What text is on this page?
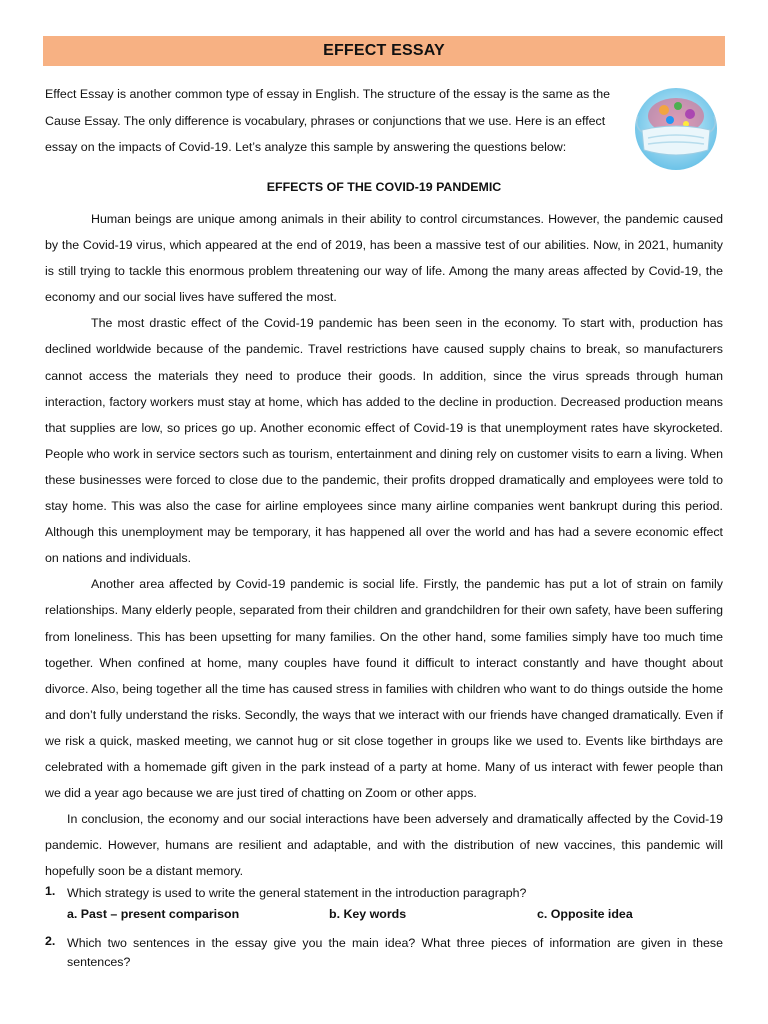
EFFECT ESSAY

Effect Essay is another common type of essay in English. The structure of the essay is the same as the Cause Essay. The only difference is vocabulary, phrases or conjunctions that we use. Here is an effect essay on the impacts of Covid-19. Let’s analyze this sample by answering the questions below:

EFFECTS OF THE COVID-19 PANDEMIC

Human beings are unique among animals in their ability to control circumstances. However, the pandemic caused by the Covid-19 virus, which appeared at the end of 2019, has been a massive test of our abilities. Now, in 2021, humanity is still trying to tackle this enormous problem threatening our way of life. Among the many areas affected by Covid-19, the economy and our social lives have suffered the most.

The most drastic effect of the Covid-19 pandemic has been seen in the economy. To start with, production has declined worldwide because of the pandemic. Travel restrictions have caused supply chains to break, so manufacturers cannot access the materials they need to produce their goods. In addition, since the virus spreads through human interaction, factory workers must stay at home, which has added to the decline in production. Decreased production means that supplies are low, so prices go up. Another economic effect of Covid-19 is that unemployment rates have skyrocketed. People who work in service sectors such as tourism, entertainment and dining rely on customer visits to earn a living. When these businesses were forced to close due to the pandemic, their profits dropped dramatically and employees were told to stay home. This was also the case for airline employees since many airline companies went bankrupt during this period. Although this unemployment may be temporary, it has happened all over the world and has had a severe economic effect on nations and individuals.

Another area affected by Covid-19 pandemic is social life. Firstly, the pandemic has put a lot of strain on family relationships. Many elderly people, separated from their children and grandchildren for their own safety, have been suffering from loneliness. This has been upsetting for many families. On the other hand, some families simply have too much time together. When confined at home, many couples have found it difficult to interact constantly and have thought about divorce. Also, being together all the time has caused stress in families with children who want to do things outside the home and don’t fully understand the risks. Secondly, the ways that we interact with our friends have changed dramatically. Even if we risk a quick, masked meeting, we cannot hug or sit close together in groups like we used to. Events like birthdays are celebrated with a homemade gift given in the park instead of a party at home. Many of us interact with fewer people than we did a year ago because we are just tired of chatting on Zoom or other apps.

In conclusion, the economy and our social interactions have been adversely and dramatically affected by the Covid-19 pandemic. However, humans are resilient and adaptable, and with the distribution of new vaccines, this pandemic will hopefully soon be a distant memory.

1. Which strategy is used to write the general statement in the introduction paragraph?
a. Past – present comparison	b. Key words	c. Opposite idea
2. Which two sentences in the essay give you the main idea? What three pieces of information are given in these sentences?
